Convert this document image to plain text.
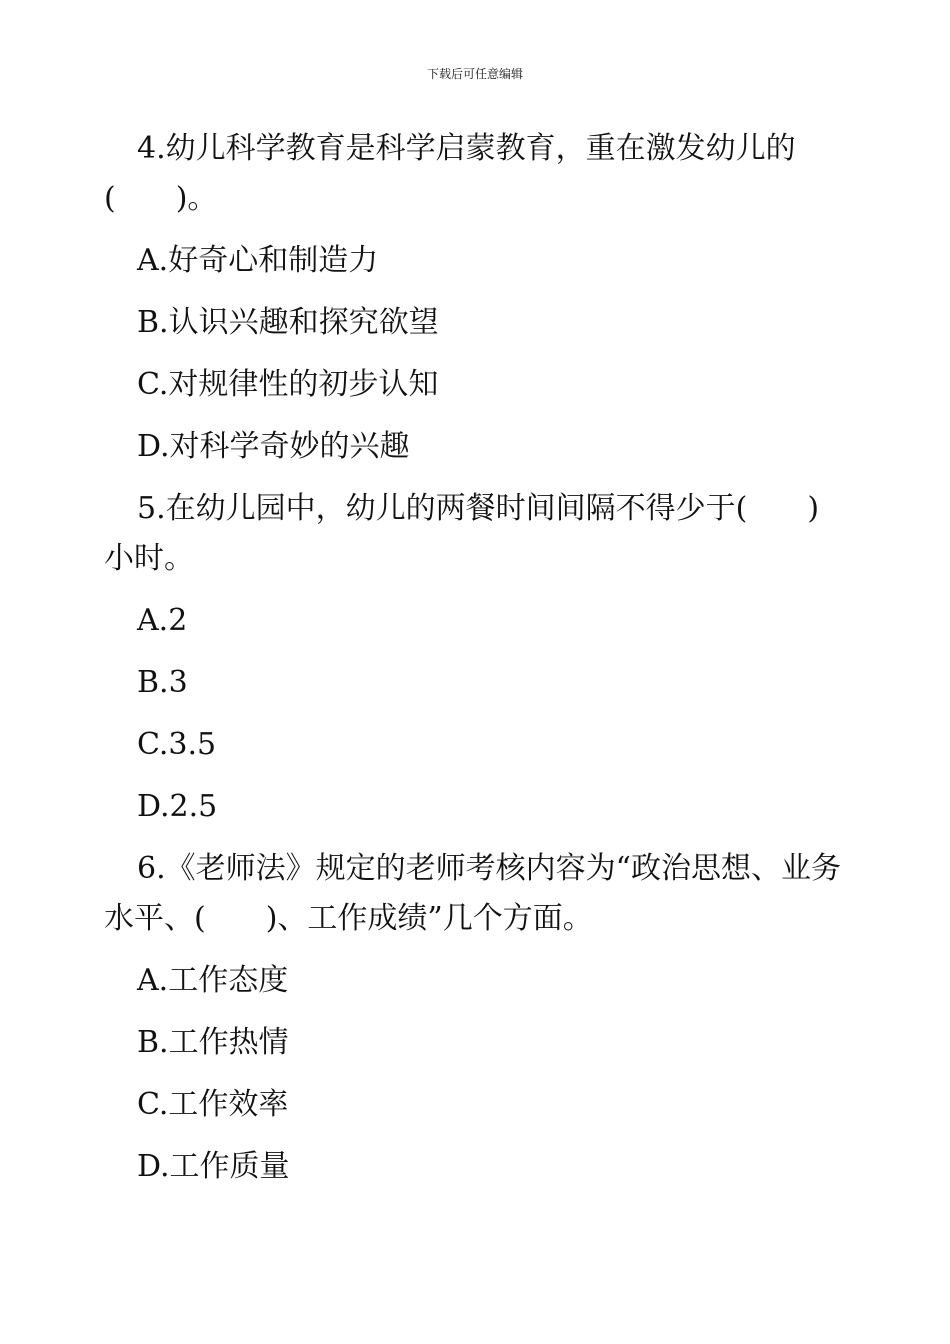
下载后可任意编辑

4.幼儿科学教育是科学启蒙教育，重在激发幼儿的(　　)。

A.好奇心和制造力

B.认识兴趣和探究欲望

C.对规律性的初步认知

D.对科学奇妙的兴趣

5.在幼儿园中，幼儿的两餐时间间隔不得少于(　　)小时。

A.2

B.3

C.3.5

D.2.5

6.《老师法》规定的老师考核内容为“政治思想、业务水平、(　　)、工作成绩”几个方面。

A.工作态度

B.工作热情

C.工作效率

D.工作质量
